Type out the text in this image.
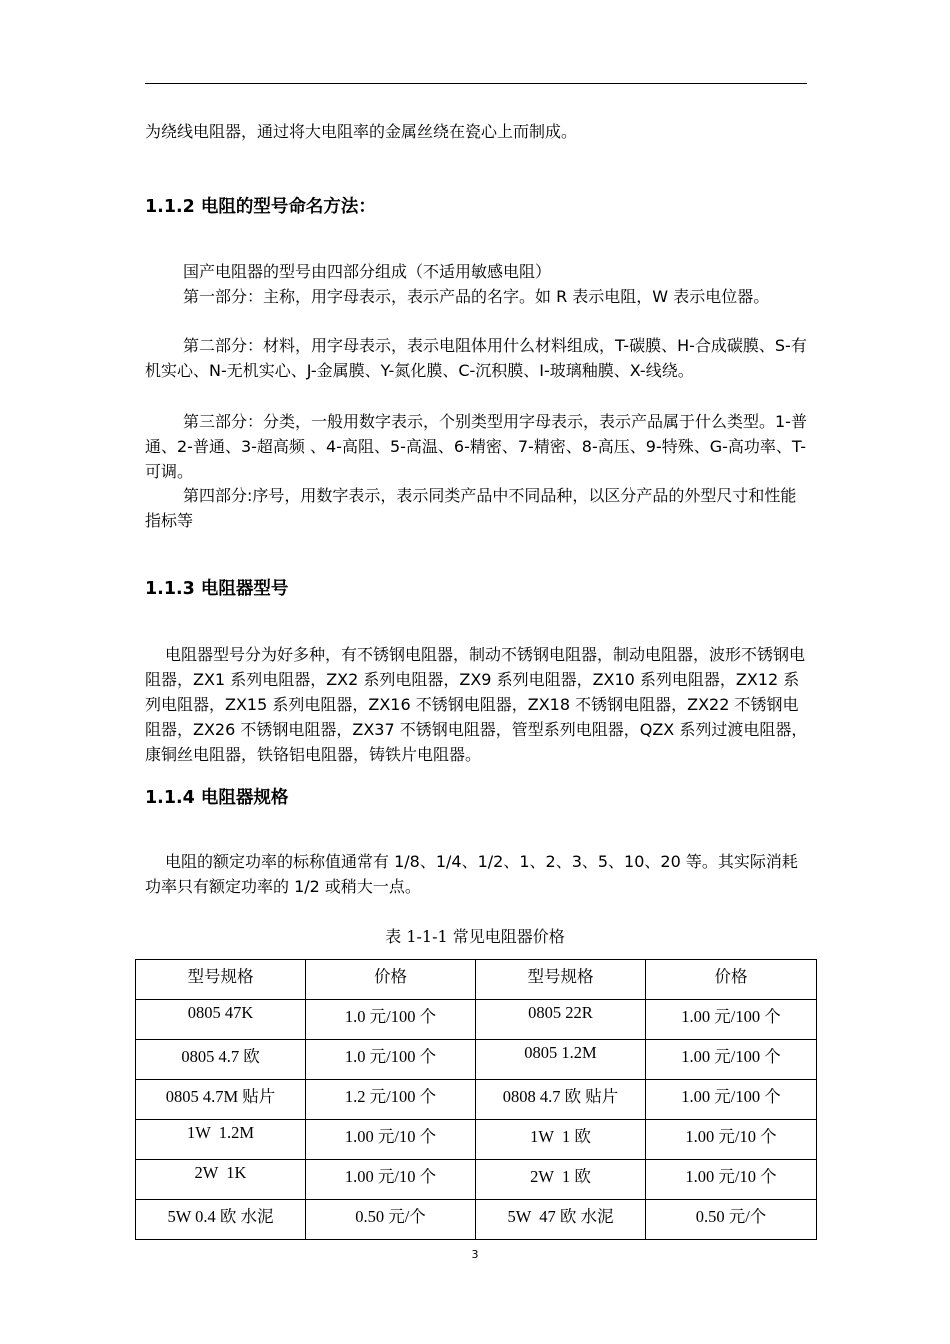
为绕线电阻器，通过将大电阻率的金属丝绕在瓷心上而制成。

1.1.2 电阻的型号命名方法：

国产电阻器的型号由四部分组成（不适用敏感电阻）

第一部分：主称，用字母表示，表示产品的名字。如 R 表示电阻，W 表示电位器。

第二部分：材料，用字母表示，表示电阻体用什么材料组成，T-碳膜、H-合成碳膜、S-有机实心、N-无机实心、J-金属膜、Y-氮化膜、C-沉积膜、I-玻璃釉膜、X-线绕。

第三部分：分类，一般用数字表示，个别类型用字母表示，表示产品属于什么类型。1-普通、2-普通、3-超高频 、4-高阻、5-高温、6-精密、7-精密、8-高压、9-特殊、G-高功率、T-可调。

第四部分:序号，用数字表示，表示同类产品中不同品种，以区分产品的外型尺寸和性能指标等

1.1.3 电阻器型号

电阻器型号分为好多种，有不锈钢电阻器，制动不锈钢电阻器，制动电阻器，波形不锈钢电阻器，ZX1 系列电阻器，ZX2 系列电阻器，ZX9 系列电阻器，ZX10 系列电阻器，ZX12 系列电阻器，ZX15 系列电阻器，ZX16 不锈钢电阻器，ZX18 不锈钢电阻器，ZX22 不锈钢电阻器，ZX26 不锈钢电阻器，ZX37 不锈钢电阻器，管型系列电阻器，QZX 系列过渡电阻器，康铜丝电阻器，铁铬铝电阻器，铸铁片电阻器。

1.1.4 电阻器规格

电阻的额定功率的标称值通常有 1/8、1/4、1/2、1、2、3、5、10、20 等。其实际消耗功率只有额定功率的 1/2 或稍大一点。

表 1-1-1 常见电阻器价格
型号规格	价格	型号规格	价格
0805 47K	1.0 元/100 个	0805 22R	1.00 元/100 个
0805 4.7 欧	1.0 元/100 个	0805 1.2M	1.00 元/100 个
0805 4.7M 贴片	1.2 元/100 个	0808 4.7 欧 贴片	1.00 元/100 个
1W  1.2M	1.00 元/10 个	1W  1 欧	1.00 元/10 个
2W  1K	1.00 元/10 个	2W  1 欧	1.00 元/10 个
5W 0.4 欧 水泥	0.50 元/个	5W  47 欧 水泥	0.50 元/个
3
